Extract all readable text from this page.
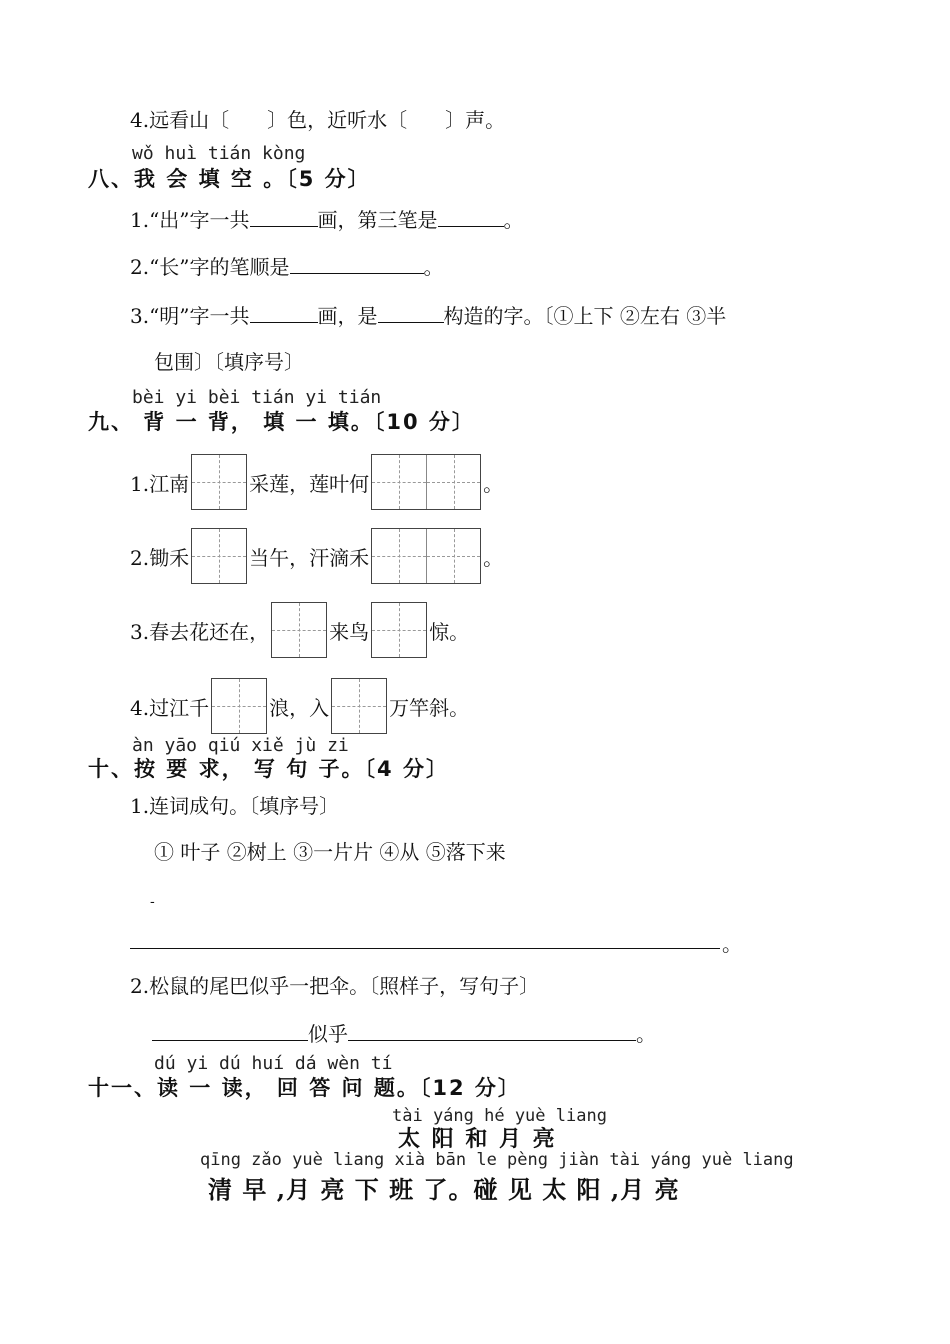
4.远看山〔 〕色，近听水〔 〕声。
wǒ huì tián kòng
八、我 会 填 空 。〔5 分〕
1.“出”字一共	画，第三笔是	。
2.“长”字的笔顺是	。
3.“明”字一共	画，是	构造的字。〔①上下 ②左右 ③半
包围〕〔填序号〕
bèi yi bèi tián yi tián
九、 背 一 背， 填 一 填。〔10 分〕
1.江南	采莲，莲叶何	。
2.锄禾	当午，汗滴禾	。
3.春去花还在，	来鸟	惊。
4.过江千	浪，入	万竿斜。
àn yāo qiú xiě jù zi
十、按 要 求， 写 句 子。〔4 分〕
1.连词成句。〔填序号〕
① 叶子 ②树上 ③一片片 ④从 ⑤落下来
-
。
2.松鼠的尾巴似乎一把伞。〔照样子，写句子〕
似乎	。
dú yi dú huí dá wèn tí
十一、读 一 读， 回 答 问 题。〔12 分〕
tài yáng hé yuè liang
太 阳 和 月 亮
qīng zǎo yuè liang xià bān le pèng jiàn tài yáng yuè liang
清 早 ,月 亮 下 班 了。碰 见 太 阳 ,月 亮
